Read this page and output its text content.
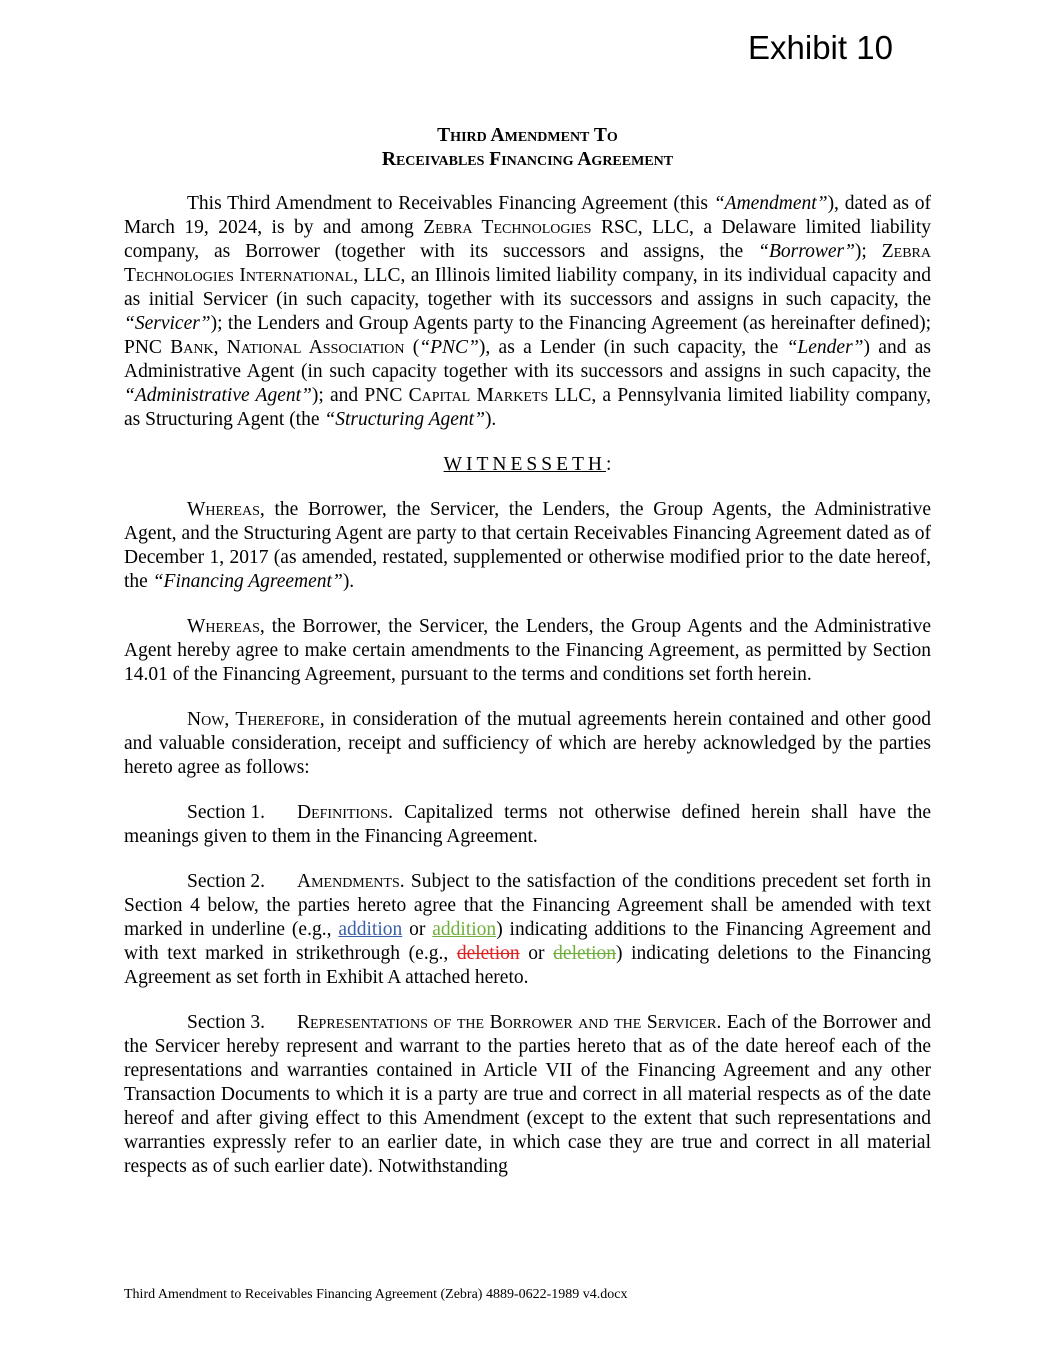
Exhibit 10
Third Amendment To
Receivables Financing Agreement

This Third Amendment to Receivables Financing Agreement (this “Amendment”), dated as of March 19, 2024, is by and among Zebra Technologies RSC, LLC, a Delaware limited liability company, as Borrower (together with its successors and assigns, the “Borrower”); Zebra Technologies International, LLC, an Illinois limited liability company, in its individual capacity and as initial Servicer (in such capacity, together with its successors and assigns in such capacity, the “Servicer”); the Lenders and Group Agents party to the Financing Agreement (as hereinafter defined); PNC Bank, National Association (“PNC”), as a Lender (in such capacity, the “Lender”) and as Administrative Agent (in such capacity together with its successors and assigns in such capacity, the “Administrative Agent”); and PNC Capital Markets LLC, a Pennsylvania limited liability company, as Structuring Agent (the “Structuring Agent”).

WITNESSETH:

Whereas, the Borrower, the Servicer, the Lenders, the Group Agents, the Administrative Agent, and the Structuring Agent are party to that certain Receivables Financing Agreement dated as of December 1, 2017 (as amended, restated, supplemented or otherwise modified prior to the date hereof, the “Financing Agreement”).

Whereas, the Borrower, the Servicer, the Lenders, the Group Agents and the Administrative Agent hereby agree to make certain amendments to the Financing Agreement, as permitted by Section 14.01 of the Financing Agreement, pursuant to the terms and conditions set forth herein.

Now, Therefore, in consideration of the mutual agreements herein contained and other good and valuable consideration, receipt and sufficiency of which are hereby acknowledged by the parties hereto agree as follows:

Section 1. Definitions. Capitalized terms not otherwise defined herein shall have the meanings given to them in the Financing Agreement.

Section 2. Amendments. Subject to the satisfaction of the conditions precedent set forth in Section 4 below, the parties hereto agree that the Financing Agreement shall be amended with text marked in underline (e.g., addition or addition) indicating additions to the Financing Agreement and with text marked in strikethrough (e.g., deletion or deletion) indicating deletions to the Financing Agreement as set forth in Exhibit A attached hereto.

Section 3. Representations of the Borrower and the Servicer. Each of the Borrower and the Servicer hereby represent and warrant to the parties hereto that as of the date hereof each of the representations and warranties contained in Article VII of the Financing Agreement and any other Transaction Documents to which it is a party are true and correct in all material respects as of the date hereof and after giving effect to this Amendment (except to the extent that such representations and warranties expressly refer to an earlier date, in which case they are true and correct in all material respects as of such earlier date). Notwithstanding

Third Amendment to Receivables Financing Agreement (Zebra) 4889-0622-1989 v4.docx
